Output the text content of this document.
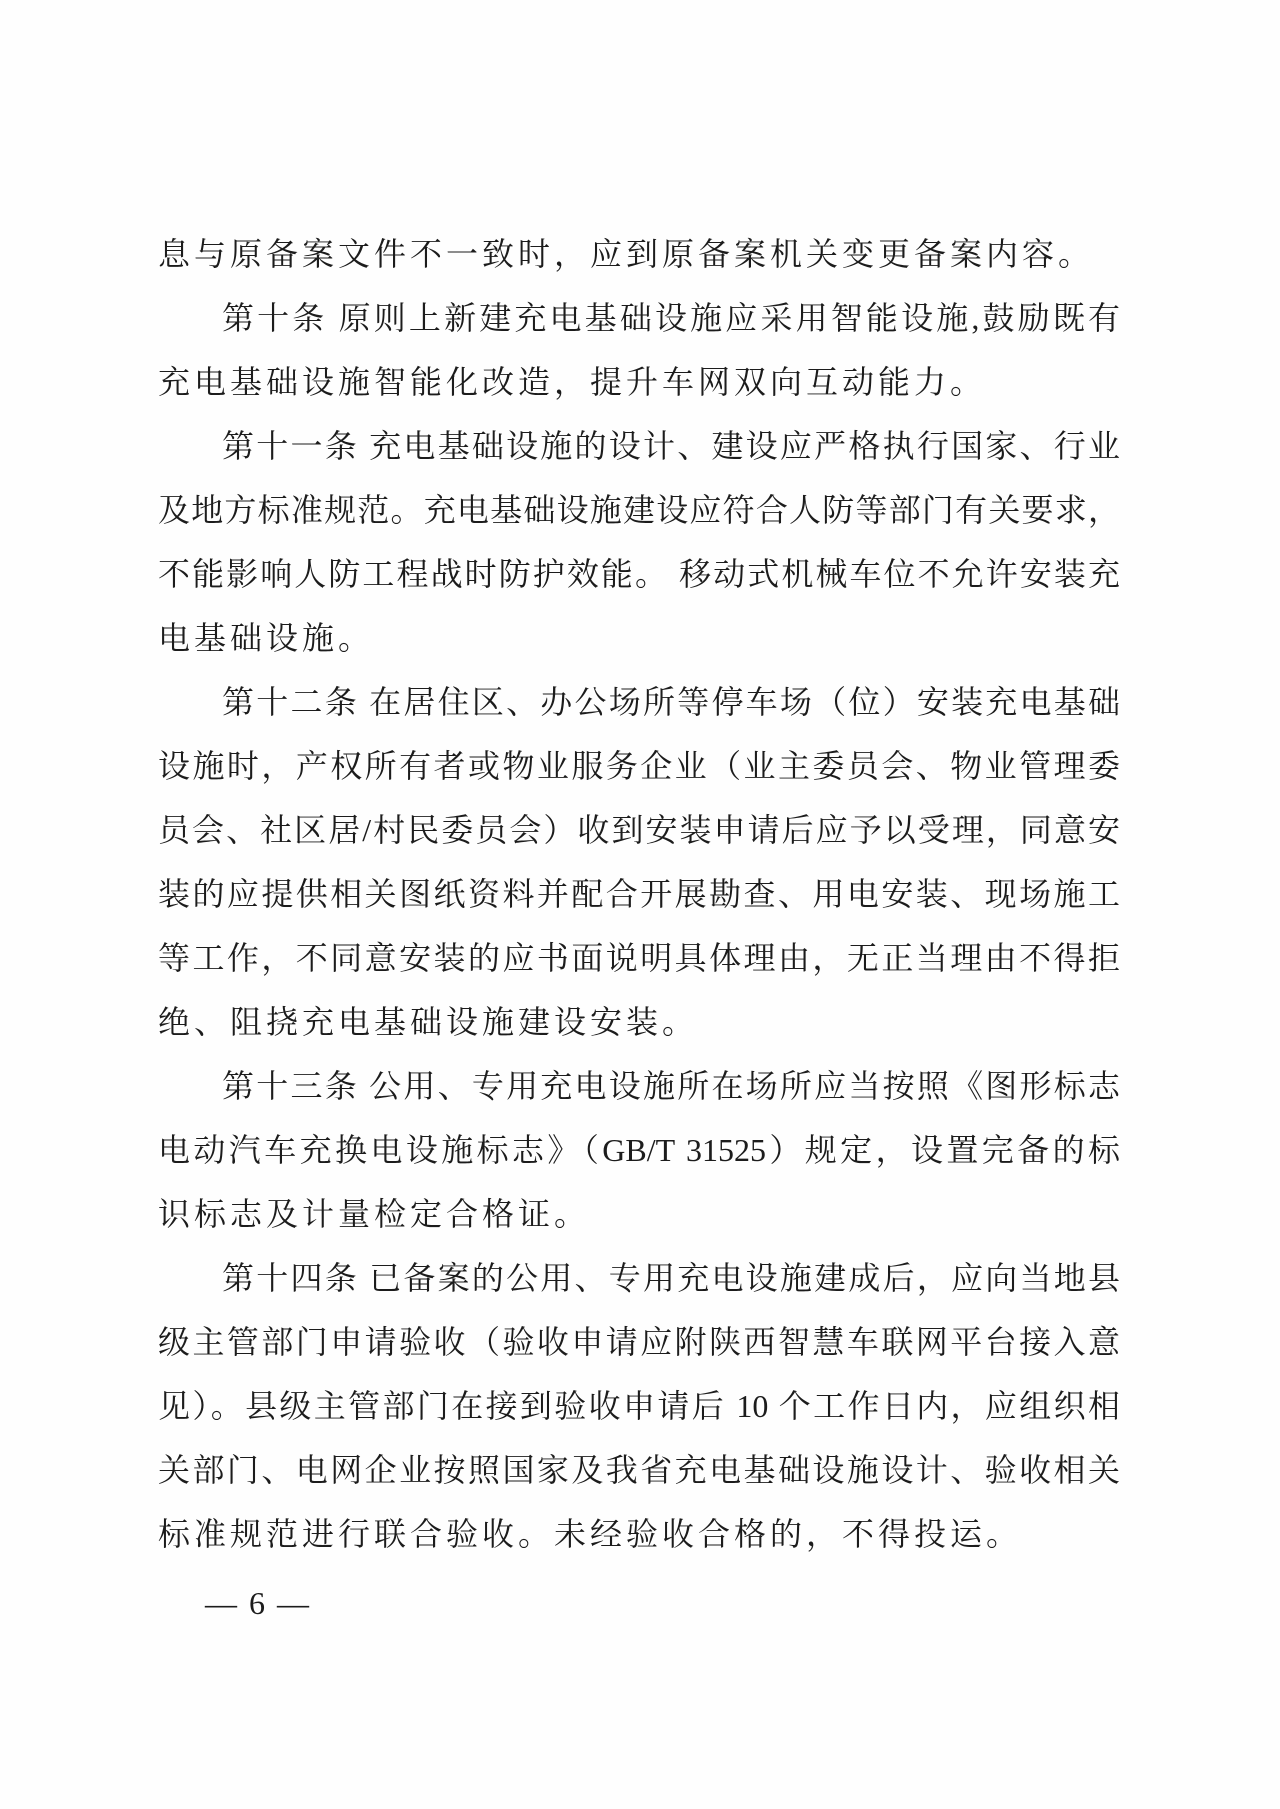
息与原备案文件不一致时，应到原备案机关变更备案内容。
第十条 原则上新建充电基础设施应采用智能设施,鼓励既有
充电基础设施智能化改造，提升车网双向互动能力。
第十一条 充电基础设施的设计、建设应严格执行国家、行业
及地方标准规范。充电基础设施建设应符合人防等部门有关要求，
不能影响人防工程战时防护效能。 移动式机械车位不允许安装充
电基础设施。
第十二条 在居住区、办公场所等停车场（位）安装充电基础
设施时，产权所有者或物业服务企业（业主委员会、物业管理委
员会、社区居/村民委员会）收到安装申请后应予以受理，同意安
装的应提供相关图纸资料并配合开展勘查、用电安装、现场施工
等工作，不同意安装的应书面说明具体理由，无正当理由不得拒
绝、阻挠充电基础设施建设安装。
第十三条 公用、专用充电设施所在场所应当按照《图形标志
电动汽车充换电设施标志》（GB/T 31525）规定，设置完备的标
识标志及计量检定合格证。
第十四条 已备案的公用、专用充电设施建成后，应向当地县
级主管部门申请验收（验收申请应附陕西智慧车联网平台接入意
见）。县级主管部门在接到验收申请后 10 个工作日内，应组织相
关部门、电网企业按照国家及我省充电基础设施设计、验收相关
标准规范进行联合验收。未经验收合格的，不得投运。
— 6 —
